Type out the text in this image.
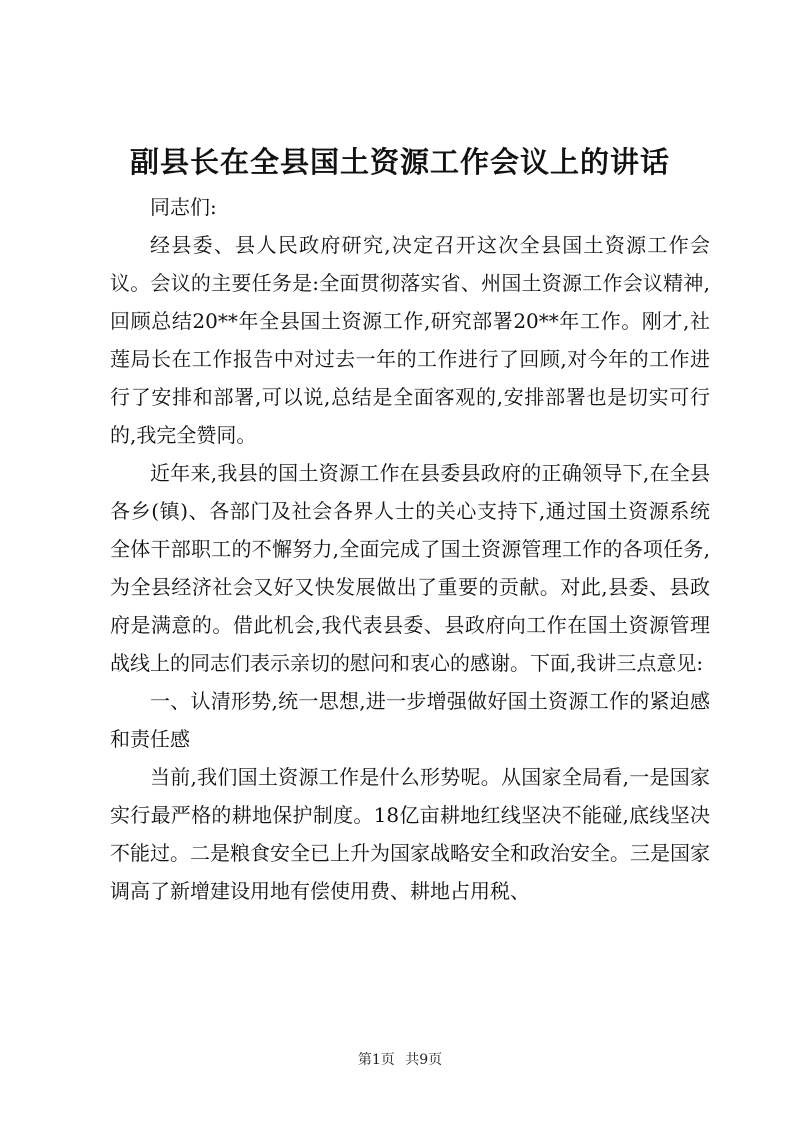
副县长在全县国土资源工作会议上的讲话

同志们:

经县委、县人民政府研究,决定召开这次全县国土资源工作会议。会议的主要任务是:全面贯彻落实省、州国土资源工作会议精神,回顾总结20**年全县国土资源工作,研究部署20**年工作。刚才,社莲局长在工作报告中对过去一年的工作进行了回顾,对今年的工作进行了安排和部署,可以说,总结是全面客观的,安排部署也是切实可行的,我完全赞同。

近年来,我县的国土资源工作在县委县政府的正确领导下,在全县各乡(镇)、各部门及社会各界人士的关心支持下,通过国土资源系统全体干部职工的不懈努力,全面完成了国土资源管理工作的各项任务,为全县经济社会又好又快发展做出了重要的贡献。对此,县委、县政府是满意的。借此机会,我代表县委、县政府向工作在国土资源管理战线上的同志们表示亲切的慰问和衷心的感谢。下面,我讲三点意见:

一、认清形势,统一思想,进一步增强做好国土资源工作的紧迫感和责任感

当前,我们国土资源工作是什么形势呢。从国家全局看,一是国家实行最严格的耕地保护制度。18亿亩耕地红线坚决不能碰,底线坚决不能过。二是粮食安全已上升为国家战略安全和政治安全。三是国家调高了新增建设用地有偿使用费、耕地占用税、

第1页 共9页
